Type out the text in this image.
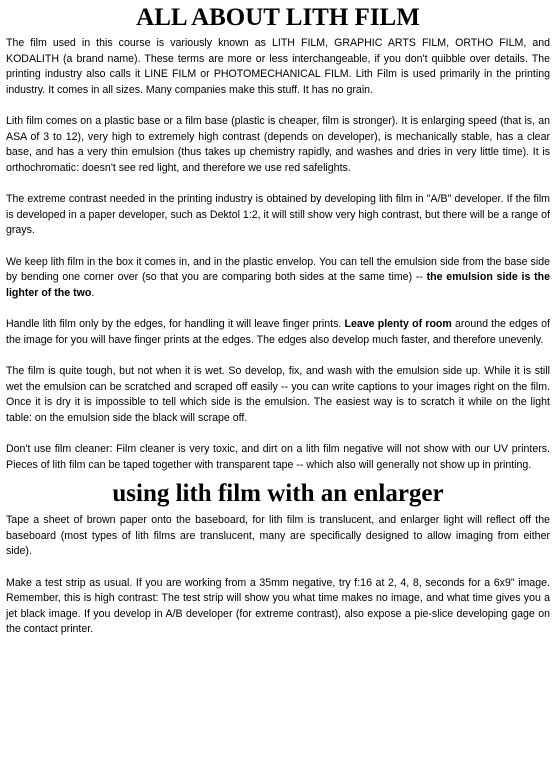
ALL ABOUT LITH FILM

The film used in this course is variously known as LITH FILM, GRAPHIC ARTS FILM, ORTHO FILM, and KODALITH (a brand name). These terms are more or less interchangeable, if you don't quibble over details. The printing industry also calls it LINE FILM or PHOTOMECHANICAL FILM. Lith Film is used primarily in the printing industry. It comes in all sizes. Many companies make this stuff. It has no grain.

Lith film comes on a plastic base or a film base (plastic is cheaper, film is stronger). It is enlarging speed (that is, an ASA of 3 to 12), very high to extremely high contrast (depends on developer), is mechanically stable, has a clear base, and has a very thin emulsion (thus takes up chemistry rapidly, and washes and dries in very little time). It is orthochromatic: doesn't see red light, and therefore we use red safelights.

The extreme contrast needed in the printing industry is obtained by developing lith film in "A/B" developer. If the film is developed in a paper developer, such as Dektol 1:2, it will still show very high contrast, but there will be a range of grays.

We keep lith film in the box it comes in, and in the plastic envelop. You can tell the emulsion side from the base side by bending one corner over (so that you are comparing both sides at the same time) -- the emulsion side is the lighter of the two.

Handle lith film only by the edges, for handling it will leave finger prints. Leave plenty of room around the edges of the image for you will have finger prints at the edges. The edges also develop much faster, and therefore unevenly.

The film is quite tough, but not when it is wet. So develop, fix, and wash with the emulsion side up. While it is still wet the emulsion can be scratched and scraped off easily -- you can write captions to your images right on the film. Once it is dry it is impossible to tell which side is the emulsion. The easiest way is to scratch it while on the light table: on the emulsion side the black will scrape off.

Don't use film cleaner: Film cleaner is very toxic, and dirt on a lith film negative will not show with our UV printers. Pieces of lith film can be taped together with transparent tape -- which also will generally not show up in printing.

using lith film with an enlarger

Tape a sheet of brown paper onto the baseboard, for lith film is translucent, and enlarger light will reflect off the baseboard (most types of lith films are translucent, many are specifically designed to allow imaging from either side).

Make a test strip as usual. If you are working from a 35mm negative, try f:16 at 2, 4, 8, seconds for a 6x9" image. Remember, this is high contrast: The test strip will show you what time makes no image, and what time gives you a jet black image. If you develop in A/B developer (for extreme contrast), also expose a pie-slice developing gage on the contact printer.
